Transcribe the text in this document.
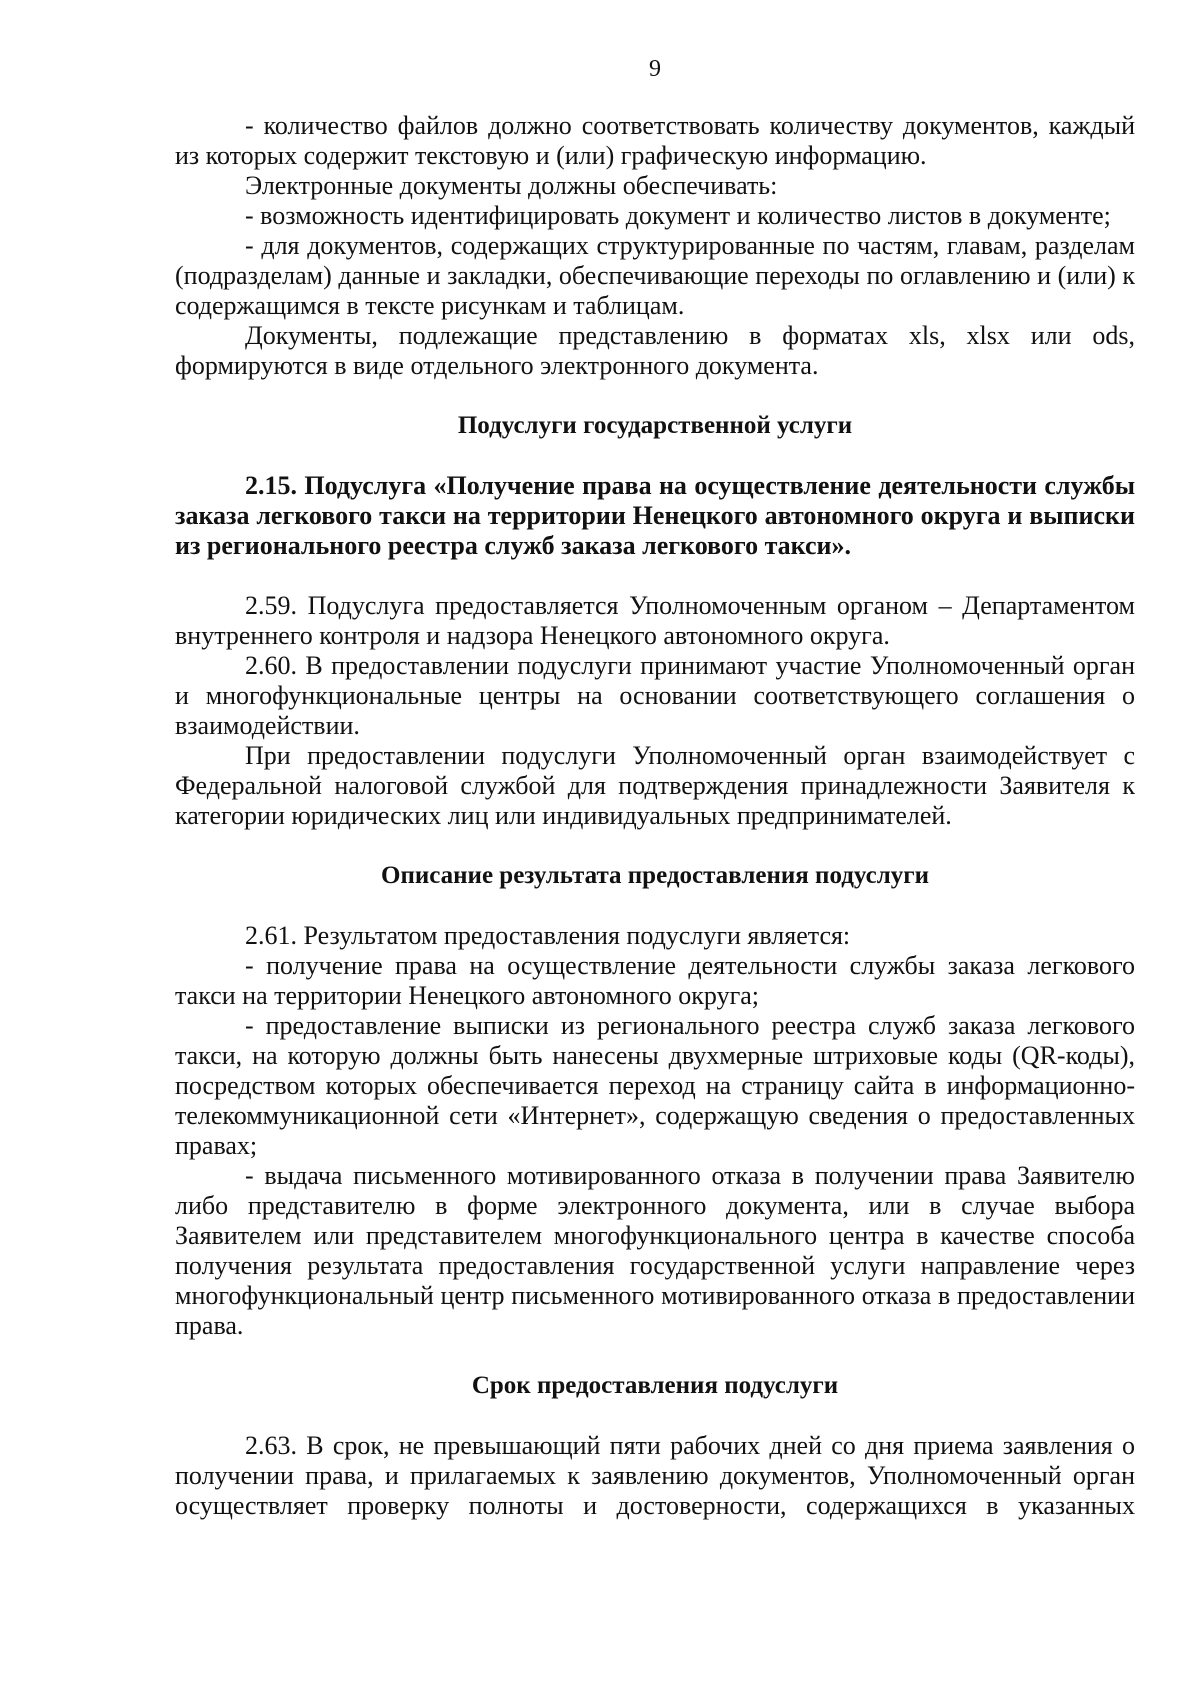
9

- количество файлов должно соответствовать количеству документов, каждый из которых содержит текстовую и (или) графическую информацию.

Электронные документы должны обеспечивать:

- возможность идентифицировать документ и количество листов в документе;

- для документов, содержащих структурированные по частям, главам, разделам (подразделам) данные и закладки, обеспечивающие переходы по оглавлению и (или) к содержащимся в тексте рисункам и таблицам.

Документы, подлежащие представлению в форматах xls, xlsx или ods, формируются в виде отдельного электронного документа.

Подуслуги государственной услуги
2.15. Подуслуга «Получение права на осуществление деятельности службы заказа легкового такси на территории Ненецкого автономного округа и выписки из регионального реестра служб заказа легкового такси».

2.59. Подуслуга предоставляется Уполномоченным органом – Департаментом внутреннего контроля и надзора Ненецкого автономного округа.

2.60. В предоставлении подуслуги принимают участие Уполномоченный орган и многофункциональные центры на основании соответствующего соглашения о взаимодействии.

При предоставлении подуслуги Уполномоченный орган взаимодействует с Федеральной налоговой службой для подтверждения принадлежности Заявителя к категории юридических лиц или индивидуальных предпринимателей.

Описание результата предоставления подуслуги

2.61. Результатом предоставления подуслуги является:

- получение права на осуществление деятельности службы заказа легкового такси на территории Ненецкого автономного округа;

- предоставление выписки из регионального реестра служб заказа легкового такси, на которую должны быть нанесены двухмерные штриховые коды (QR-коды), посредством которых обеспечивается переход на страницу сайта в информационно-телекоммуникационной сети «Интернет», содержащую сведения о предоставленных правах;

- выдача письменного мотивированного отказа в получении права Заявителю либо представителю в форме электронного документа, или в случае выбора Заявителем или представителем многофункционального центра в качестве способа получения результата предоставления государственной услуги направление через многофункциональный центр письменного мотивированного отказа в предоставлении права.

Срок предоставления подуслуги

2.63. В срок, не превышающий пяти рабочих дней со дня приема заявления о получении права, и прилагаемых к заявлению документов, Уполномоченный орган осуществляет проверку полноты и достоверности, содержащихся в указанных
